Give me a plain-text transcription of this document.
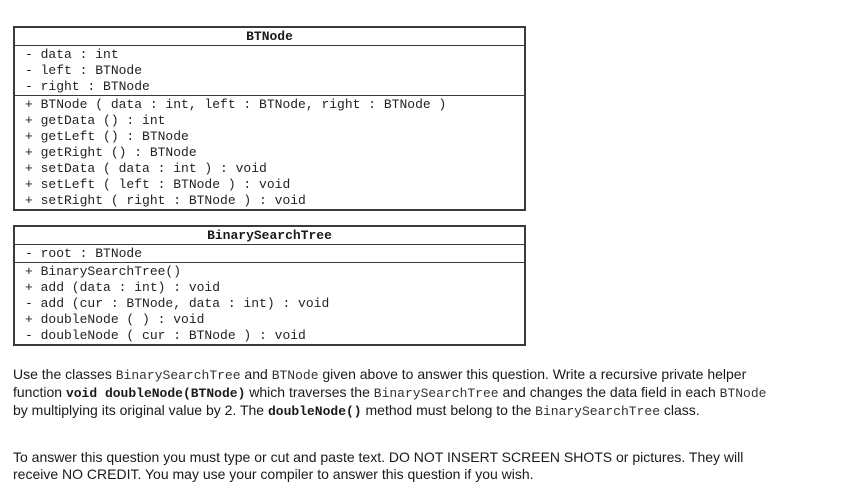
BTNode
- data : int
- left : BTNode
- right : BTNode
+ BTNode ( data : int, left : BTNode, right : BTNode )
+ getData () : int
+ getLeft () : BTNode
+ getRight () : BTNode
+ setData ( data : int ) : void
+ setLeft ( left : BTNode ) : void
+ setRight ( right : BTNode ) : void
BinarySearchTree
- root : BTNode
+ BinarySearchTree()
+ add (data : int) : void
- add (cur : BTNode, data : int) : void
+ doubleNode ( ) : void
- doubleNode ( cur : BTNode ) : void
Use the classes BinarySearchTree and BTNode given above to answer this question. Write a recursive private helper function void doubleNode(BTNode) which traverses the BinarySearchTree and changes the data field in each BTNode by multiplying its original value by 2. The doubleNode() method must belong to the BinarySearchTree class.
To answer this question you must type or cut and paste text. DO NOT INSERT SCREEN SHOTS or pictures. They will receive NO CREDIT. You may use your compiler to answer this question if you wish.
